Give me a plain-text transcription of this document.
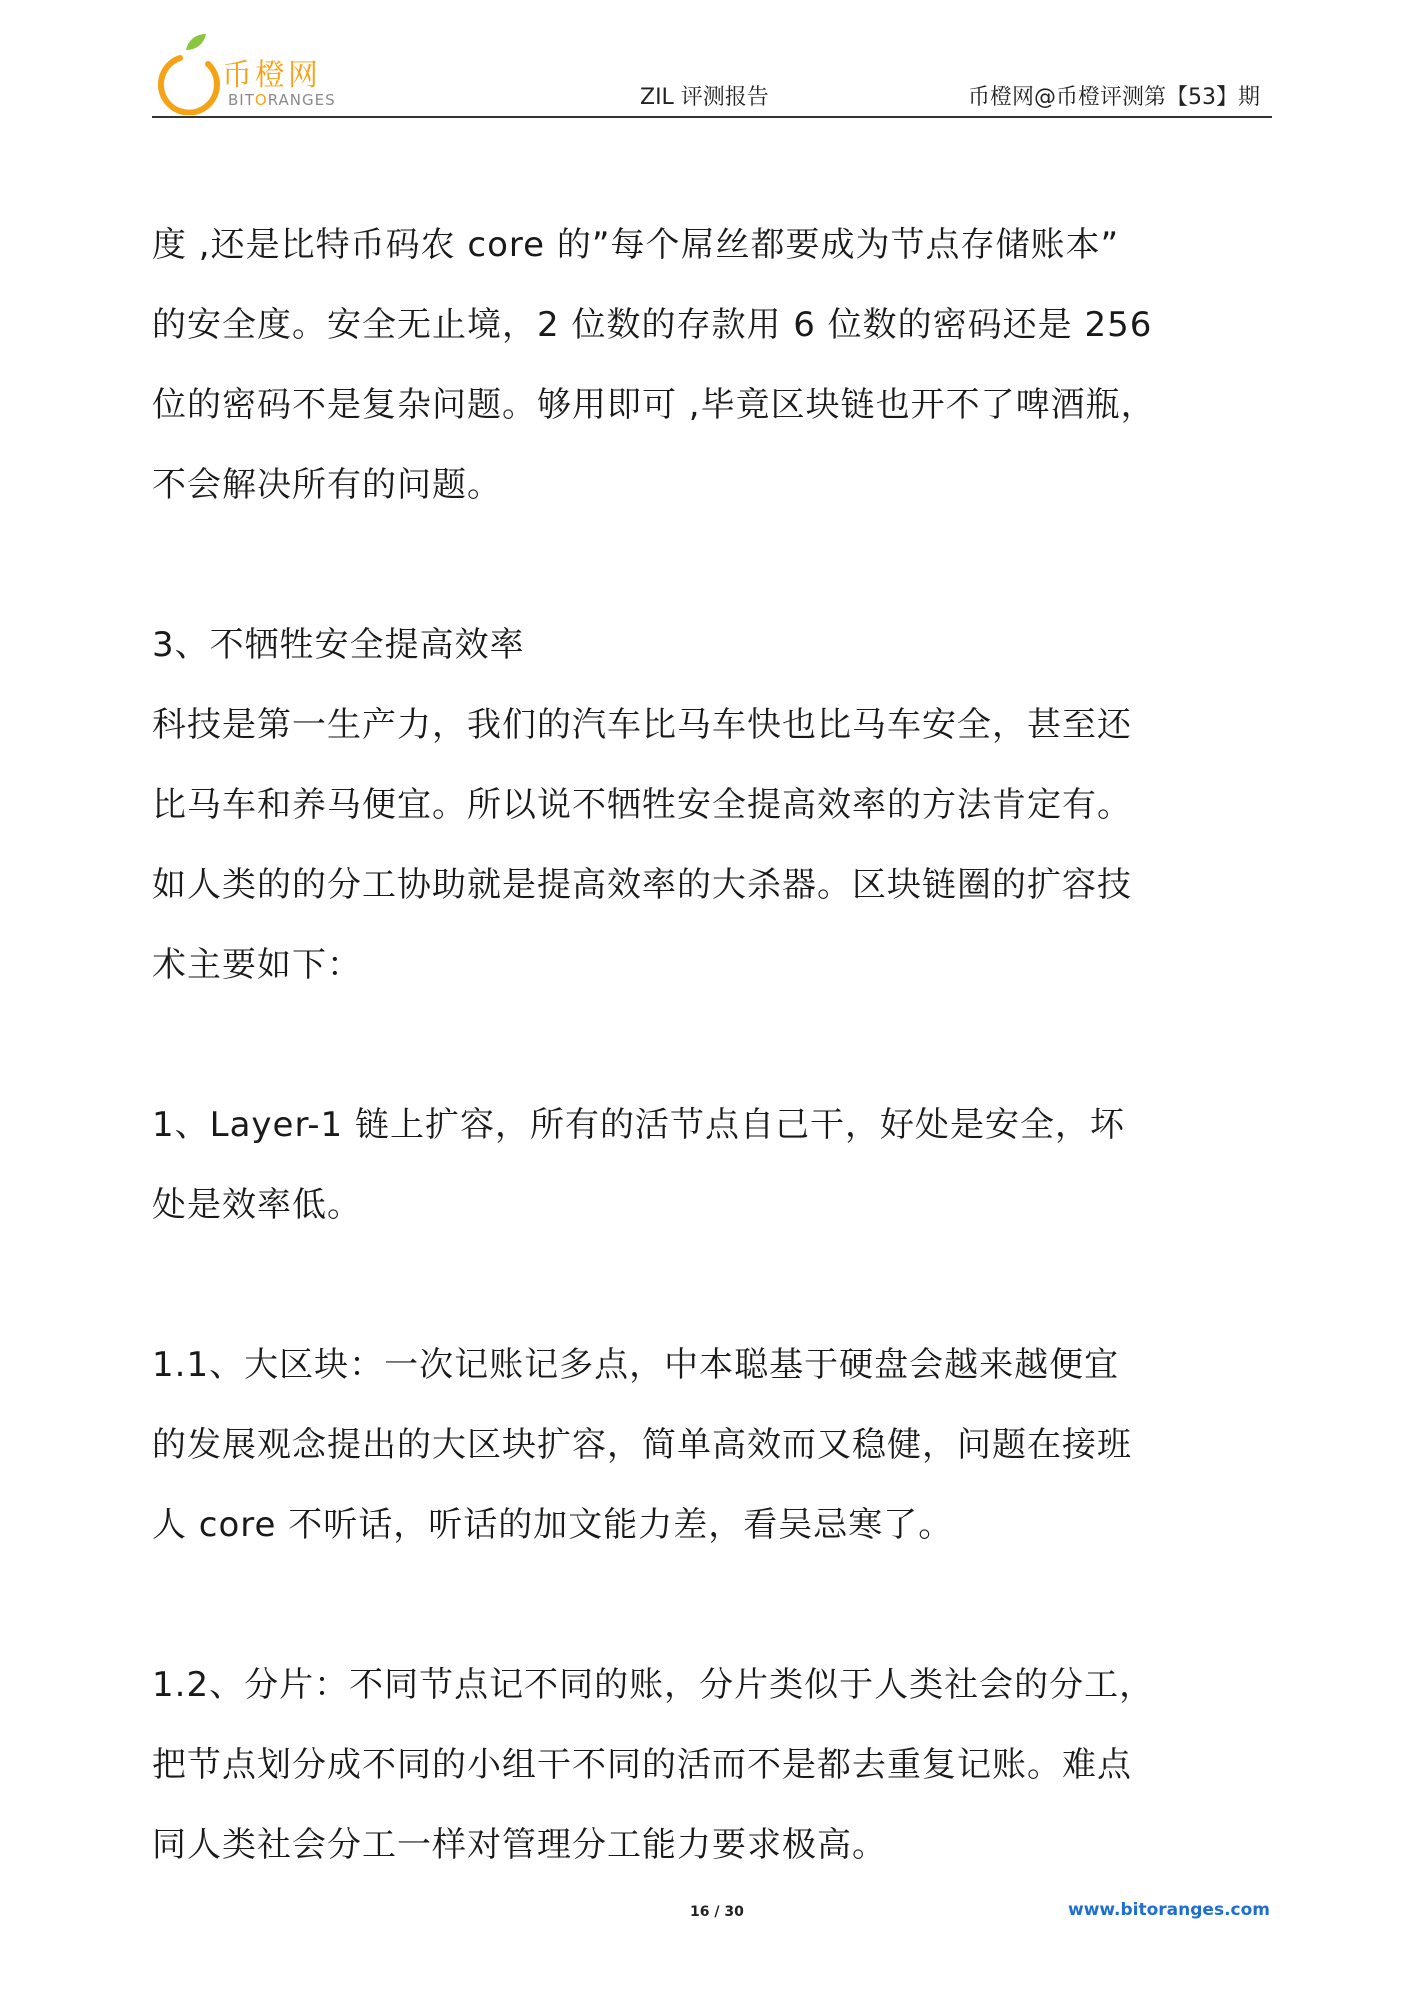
币橙网
BITORANGES	ZIL 评测报告	币橙网@币橙评测第【53】期

度 ,还是比特币码农 core 的”每个屌丝都要成为节点存储账本”
的安全度。安全无止境，2 位数的存款用 6 位数的密码还是 256
位的密码不是复杂问题。够用即可 ,毕竟区块链也开不了啤酒瓶，
不会解决所有的问题。

3、不牺牲安全提高效率
科技是第一生产力，我们的汽车比马车快也比马车安全，甚至还
比马车和养马便宜。所以说不牺牲安全提高效率的方法肯定有。
如人类的的分工协助就是提高效率的大杀器。区块链圈的扩容技
术主要如下：

1、Layer-1 链上扩容，所有的活节点自己干，好处是安全，坏
处是效率低。

1.1、大区块：一次记账记多点，中本聪基于硬盘会越来越便宜
的发展观念提出的大区块扩容，简单高效而又稳健，问题在接班
人 core 不听话，听话的加文能力差，看吴忌寒了。

1.2、分片：不同节点记不同的账，分片类似于人类社会的分工，
把节点划分成不同的小组干不同的活而不是都去重复记账。难点
同人类社会分工一样对管理分工能力要求极高。

16 / 30	www.bitoranges.com
